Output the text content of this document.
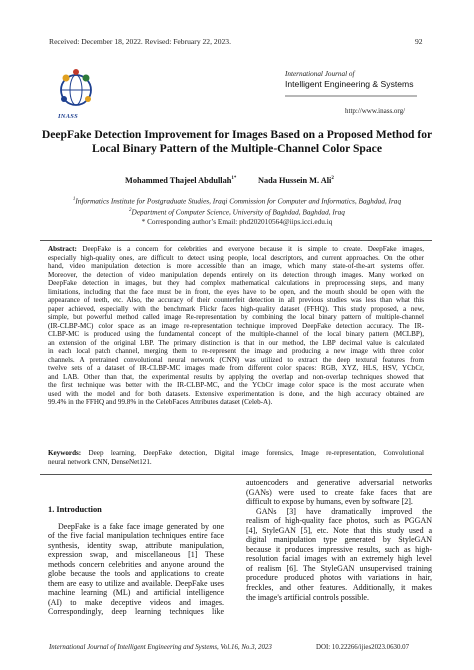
Received: December 18, 2022. Revised: February 22, 2023.	92
INASS
International Journal of
Intelligent Engineering & Systems
http://www.inass.org/
DeepFake Detection Improvement for Images Based on a Proposed Method for
Local Binary Pattern of the Multiple-Channel Color Space
Mohammed Thajeel Abdullah$^{1*}$	Nada Hussein M. Ali$^2$
$^1$Informatics Institute for Postgraduate Studies, Iraqi Commission for Computer and Informatics, Baghdad, Iraq
$^2$Department of Computer Science, University of Baghdad, Baghdad, Iraq
* Corresponding author’s Email: phd202010564@iips.icci.edu.iq
Abstract: DeepFake is a concern for celebrities and everyone because it is simple to create. DeepFake images,
especially high-quality ones, are difficult to detect using people, local descriptors, and current approaches. On the other
hand, video manipulation detection is more accessible than an image, which many state-of-the-art systems offer.
Moreover, the detection of video manipulation depends entirely on its detection through images. Many worked on
DeepFake detection in images, but they had complex mathematical calculations in preprocessing steps, and many
limitations, including that the face must be in front, the eyes have to be open, and the mouth should be open with the
appearance of teeth, etc. Also, the accuracy of their counterfeit detection in all previous studies was less than what this
paper achieved, especially with the benchmark Flickr faces high-quality dataset (FFHQ). This study proposed, a new,
simple, but powerful method called image Re-representation by combining the local binary pattern of multiple-channel
(IR-CLBP-MC) color space as an image re-representation technique improved DeepFake detection accuracy. The IR-
CLBP-MC is produced using the fundamental concept of the multiple-channel of the local binary pattern (MCLBP),
an extension of the original LBP. The primary distinction is that in our method, the LBP decimal value is calculated
in each local patch channel, merging them to re-represent the image and producing a new image with three color
channels. A pretrained convolutional neural network (CNN) was utilized to extract the deep textural features from
twelve sets of a dataset of IR-CLBP-MC images made from different color spaces: RGB, XYZ, HLS, HSV, YCbCr,
and LAB. Other than that, the experimental results by applying the overlap and non-overlap techniques showed that
the first technique was better with the IR-CLBP-MC, and the YCbCr image color space is the most accurate when
used with the model and for both datasets. Extensive experimentation is done, and the high accuracy obtained are
99.4% in the FFHQ and 99.8% in the CelebFaces Attributes dataset (Celeb-A).
Keywords: Deep learning, DeepFake detection, Digital image forensics, Image re-representation, Convolutional
neural network CNN, DenseNet121.
1. Introduction
DeepFake is a fake face image generated by one
of the five facial manipulation techniques entire face
synthesis, identity swap, attribute manipulation,
expression swap, and miscellaneous [1] These
methods concern celebrities and anyone around the
globe because the tools and applications to create
them are easy to utilize and available. DeepFake uses
machine learning (ML) and artificial intelligence
(AI) to make deceptive videos and images.
Correspondingly, deep learning techniques like
autoencoders and generative adversarial networks
(GANs) were used to create fake faces that are
difficult to expose by humans, even by software [2].
GANs [3] have dramatically improved the
realism of high-quality face photos, such as PGGAN
[4], StyleGAN [5], etc. Note that this study used a
digital manipulation type generated by StyleGAN
because it produces impressive results, such as high-
resolution facial images with an extremely high level
of realism [6]. The StyleGAN unsupervised training
procedure produced photos with variations in hair,
freckles, and other features. Additionally, it makes
the image's artificial controls possible.
International Journal of Intelligent Engineering and Systems, Vol.16, No.3, 2023	DOI: 10.22266/ijies2023.0630.07
